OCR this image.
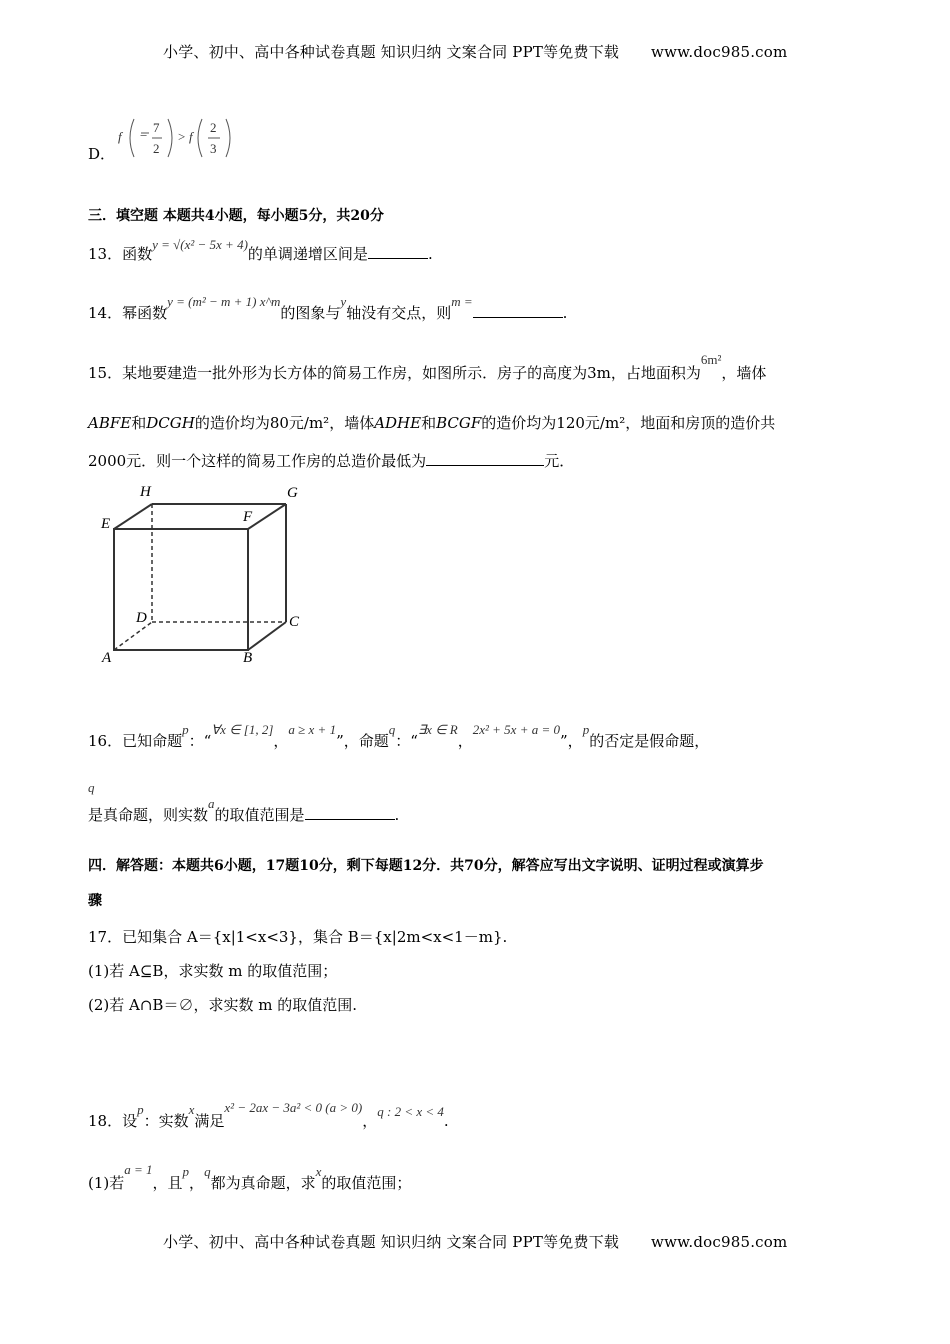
小学、初中、高中各种试卷真题 知识归纳 文案合同 PPT等免费下载 www.doc985.com
D．
f
7
2
> f
2
3
三．填空题 本题共4小题，每小题5分，共20分
13．函数y = √(x² − 5x + 4)的单调递增区间是	.
14．幂函数y = (m² − m + 1) x^m的图象与y轴没有交点，则m =.
15．某地要建造一批外形为长方体的简易工作房，如图所示．房子的高度为3m，占地面积为6m²，墙体
ABFE和DCGH的造价均为80元/m²，墙体ADHE和BCGF的造价均为120元/m²，地面和房顶的造价共
2000元．则一个这样的简易工作房的总造价最低为	元．
H	G
E	F
D	C
A	B
16．已知命题p：“∀x ∈ [1, 2]，a ≥ x + 1”，命题q：“∃x ∈ R，2x² + 5x + a = 0”，p的否定是假命题，
q
是真命题，则实数a的取值范围是	.
四．解答题：本题共6小题，17题10分，剩下每题12分．共70分，解答应写出文字说明、证明过程或演算步
骤
17．已知集合 A＝{x|1<x<3}，集合 B＝{x|2m<x<1－m}.
(1)若 A⊆B，求实数 m 的取值范围；
(2)若 A∩B＝∅，求实数 m 的取值范围.
18．设p：实数x满足x² − 2ax − 3a² < 0 (a > 0)，q : 2 < x < 4.
(1)若a = 1，且p，q都为真命题，求x的取值范围；
小学、初中、高中各种试卷真题 知识归纳 文案合同 PPT等免费下载 www.doc985.com
−
